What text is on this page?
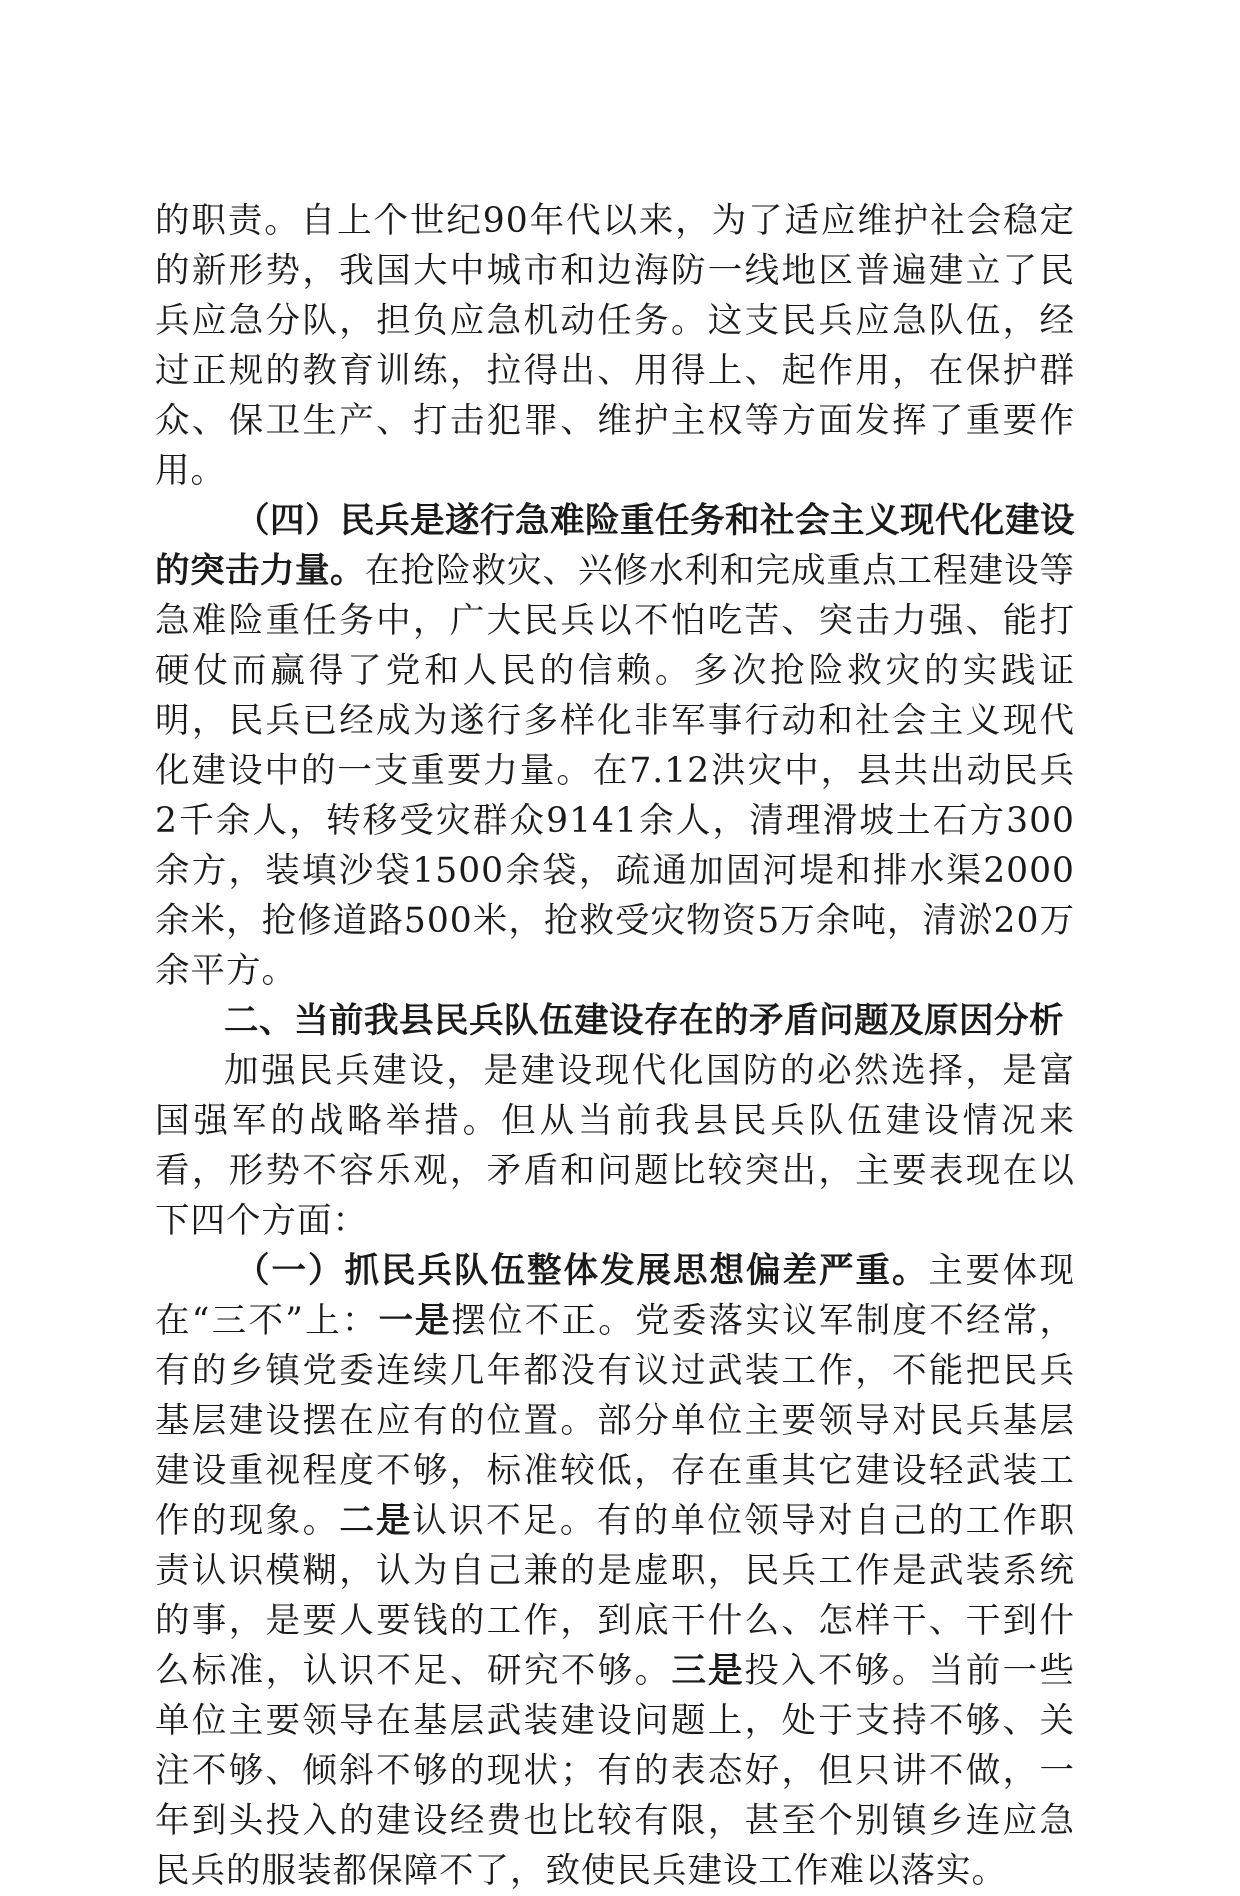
的职责。自上个世纪90年代以来，为了适应维护社会稳定的新形势，我国大中城市和边海防一线地区普遍建立了民兵应急分队，担负应急机动任务。这支民兵应急队伍，经过正规的教育训练，拉得出、用得上、起作用，在保护群众、保卫生产、打击犯罪、维护主权等方面发挥了重要作用。

（四）民兵是遂行急难险重任务和社会主义现代化建设的突击力量。在抢险救灾、兴修水利和完成重点工程建设等急难险重任务中，广大民兵以不怕吃苦、突击力强、能打硬仗而赢得了党和人民的信赖。多次抢险救灾的实践证明，民兵已经成为遂行多样化非军事行动和社会主义现代化建设中的一支重要力量。在7.12洪灾中，县共出动民兵2千余人，转移受灾群众9141余人，清理滑坡土石方300余方，装填沙袋1500余袋，疏通加固河堤和排水渠2000余米，抢修道路500米，抢救受灾物资5万余吨，清淤20万余平方。

二、当前我县民兵队伍建设存在的矛盾问题及原因分析

加强民兵建设，是建设现代化国防的必然选择，是富国强军的战略举措。但从当前我县民兵队伍建设情况来看，形势不容乐观，矛盾和问题比较突出，主要表现在以下四个方面：

（一）抓民兵队伍整体发展思想偏差严重。主要体现在“三不”上：一是摆位不正。党委落实议军制度不经常，有的乡镇党委连续几年都没有议过武装工作，不能把民兵基层建设摆在应有的位置。部分单位主要领导对民兵基层建设重视程度不够，标准较低，存在重其它建设轻武装工作的现象。二是认识不足。有的单位领导对自己的工作职责认识模糊，认为自己兼的是虚职，民兵工作是武装系统的事，是要人要钱的工作，到底干什么、怎样干、干到什么标准，认识不足、研究不够。三是投入不够。当前一些单位主要领导在基层武装建设问题上，处于支持不够、关注不够、倾斜不够的现状；有的表态好，但只讲不做，一年到头投入的建设经费也比较有限，甚至个别镇乡连应急民兵的服装都保障不了，致使民兵建设工作难以落实。
